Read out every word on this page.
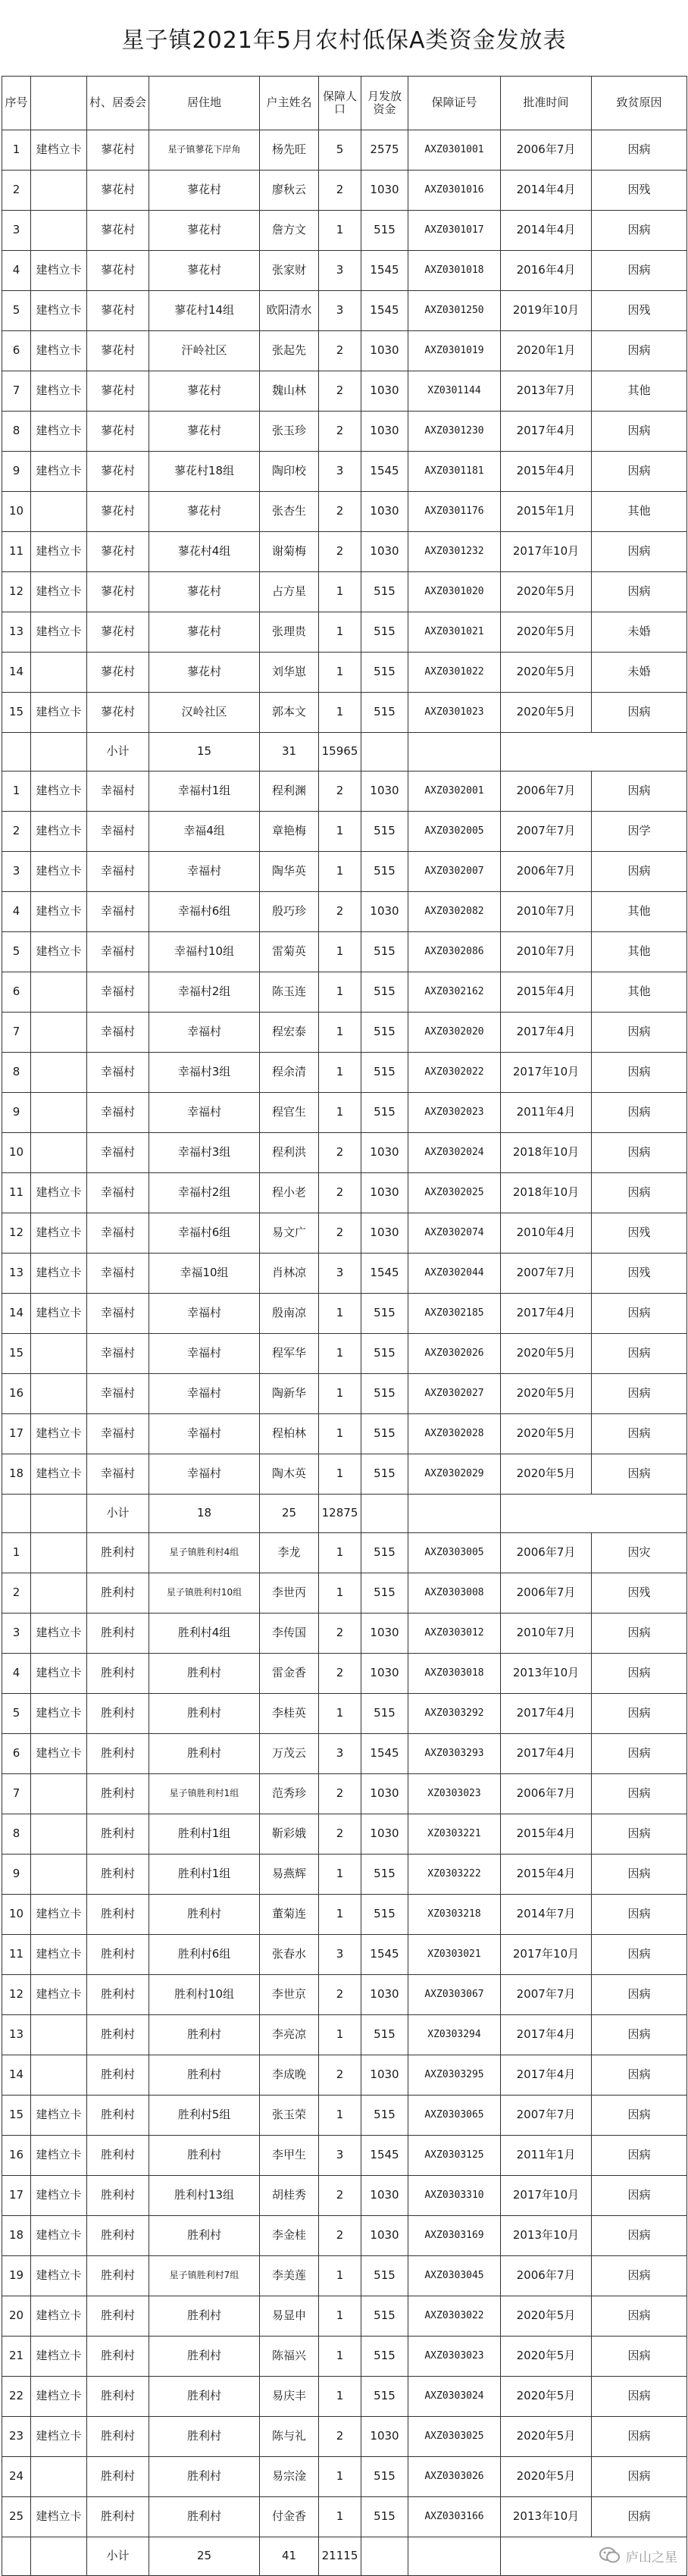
星子镇2021年5月农村低保A类资金发放表
序号		村、居委会	居住地	户主姓名	保障人口	月发放资金	保障证号	批准时间	致贫原因
1	建档立卡	蓼花村	星子镇蓼花下岸角	杨先旺	5	2575	AXZ0301001	2006年7月	因病
2		蓼花村	蓼花村	廖秋云	2	1030	AXZ0301016	2014年4月	因残
3		蓼花村	蓼花村	詹方文	1	515	AXZ0301017	2014年4月	因病
4	建档立卡	蓼花村	蓼花村	张家财	3	1545	AXZ0301018	2016年4月	因病
5	建档立卡	蓼花村	蓼花村14组	欧阳清水	3	1545	AXZ0301250	2019年10月	因残
6	建档立卡	蓼花村	汗岭社区	张起先	2	1030	AXZ0301019	2020年1月	因病
7	建档立卡	蓼花村	蓼花村	魏山林	2	1030	XZ0301144	2013年7月	其他
8	建档立卡	蓼花村	蓼花村	张玉珍	2	1030	AXZ0301230	2017年4月	因病
9	建档立卡	蓼花村	蓼花村18组	陶印校	3	1545	AXZ0301181	2015年4月	因病
10		蓼花村	蓼花村	张杏生	2	1030	AXZ0301176	2015年1月	其他
11	建档立卡	蓼花村	蓼花村4组	谢菊梅	2	1030	AXZ0301232	2017年10月	因病
12	建档立卡	蓼花村	蓼花村	占方星	1	515	AXZ0301020	2020年5月	因病
13	建档立卡	蓼花村	蓼花村	张理贵	1	515	AXZ0301021	2020年5月	未婚
14		蓼花村	蓼花村	刘华崽	1	515	AXZ0301022	2020年5月	未婚
15	建档立卡	蓼花村	汉岭社区	郭本文	1	515	AXZ0301023	2020年5月	因病
		小计	15	31	15965				
1	建档立卡	幸福村	幸福村1组	程利渊	2	1030	AXZ0302001	2006年7月	因病
2	建档立卡	幸福村	幸福4组	章艳梅	1	515	AXZ0302005	2007年7月	因学
3	建档立卡	幸福村	幸福村	陶华英	1	515	AXZ0302007	2006年7月	因病
4	建档立卡	幸福村	幸福村6组	殷巧珍	2	1030	AXZ0302082	2010年7月	其他
5	建档立卡	幸福村	幸福村10组	雷菊英	1	515	AXZ0302086	2010年7月	其他
6		幸福村	幸福村2组	陈玉连	1	515	AXZ0302162	2015年4月	其他
7		幸福村	幸福村	程宏泰	1	515	AXZ0302020	2017年4月	因病
8		幸福村	幸福村3组	程余清	1	515	AXZ0302022	2017年10月	因病
9		幸福村	幸福村	程官生	1	515	AXZ0302023	2011年4月	因病
10		幸福村	幸福村3组	程利洪	2	1030	AXZ0302024	2018年10月	因病
11	建档立卡	幸福村	幸福村2组	程小老	2	1030	AXZ0302025	2018年10月	因病
12	建档立卡	幸福村	幸福村6组	易文广	2	1030	AXZ0302074	2010年4月	因残
13	建档立卡	幸福村	幸福10组	肖林凉	3	1545	AXZ0302044	2007年7月	因残
14	建档立卡	幸福村	幸福村	殷南凉	1	515	AXZ0302185	2017年4月	因病
15		幸福村	幸福村	程军华	1	515	AXZ0302026	2020年5月	因病
16		幸福村	幸福村	陶新华	1	515	AXZ0302027	2020年5月	因病
17	建档立卡	幸福村	幸福村	程柏林	1	515	AXZ0302028	2020年5月	因病
18	建档立卡	幸福村	幸福村	陶木英	1	515	AXZ0302029	2020年5月	因病
		小计	18	25	12875				
1		胜利村	星子镇胜利村4组	李龙	1	515	AXZ0303005	2006年7月	因灾
2		胜利村	星子镇胜利村10组	李世丙	1	515	AXZ0303008	2006年7月	因残
3	建档立卡	胜利村	胜利村4组	李传国	2	1030	AXZ0303012	2010年7月	因病
4	建档立卡	胜利村	胜利村	雷金香	2	1030	AXZ0303018	2013年10月	因病
5	建档立卡	胜利村	胜利村	李桂英	1	515	AXZ0303292	2017年4月	因病
6	建档立卡	胜利村	胜利村	万茂云	3	1545	AXZ0303293	2017年4月	因病
7		胜利村	星子镇胜利村1组	范秀珍	2	1030	XZ0303023	2006年7月	因病
8		胜利村	胜利村1组	靳彩娥	2	1030	XZ0303221	2015年4月	因病
9		胜利村	胜利村1组	易燕辉	1	515	XZ0303222	2015年4月	因病
10	建档立卡	胜利村	胜利村	董菊连	1	515	XZ0303218	2014年7月	因病
11	建档立卡	胜利村	胜利村6组	张春水	3	1545	XZ0303021	2017年10月	因病
12	建档立卡	胜利村	胜利村10组	李世京	2	1030	AXZ0303067	2007年7月	因病
13		胜利村	胜利村	李亮凉	1	515	XZ0303294	2017年4月	因病
14		胜利村	胜利村	李成晚	2	1030	AXZ0303295	2017年4月	因病
15	建档立卡	胜利村	胜利村5组	张玉荣	1	515	AXZ0303065	2007年7月	因病
16	建档立卡	胜利村	胜利村	李甲生	3	1545	AXZ0303125	2011年1月	因病
17	建档立卡	胜利村	胜利村13组	胡桂秀	2	1030	AXZ0303310	2017年10月	因病
18	建档立卡	胜利村	胜利村	李金桂	2	1030	AXZ0303169	2013年10月	因病
19	建档立卡	胜利村	星子镇胜利村7组	李美莲	1	515	AXZ0303045	2006年7月	因病
20	建档立卡	胜利村	胜利村	易显申	1	515	AXZ0303022	2020年5月	因病
21	建档立卡	胜利村	胜利村	陈福兴	1	515	AXZ0303023	2020年5月	因病
22	建档立卡	胜利村	胜利村	易庆丰	1	515	AXZ0303024	2020年5月	因病
23	建档立卡	胜利村	胜利村	陈与礼	2	1030	AXZ0303025	2020年5月	因病
24		胜利村	胜利村	易宗淦	1	515	AXZ0303026	2020年5月	因病
25	建档立卡	胜利村	胜利村	付金香	1	515	AXZ0303166	2013年10月	因病
		小计	25	41	21115					庐山之星
